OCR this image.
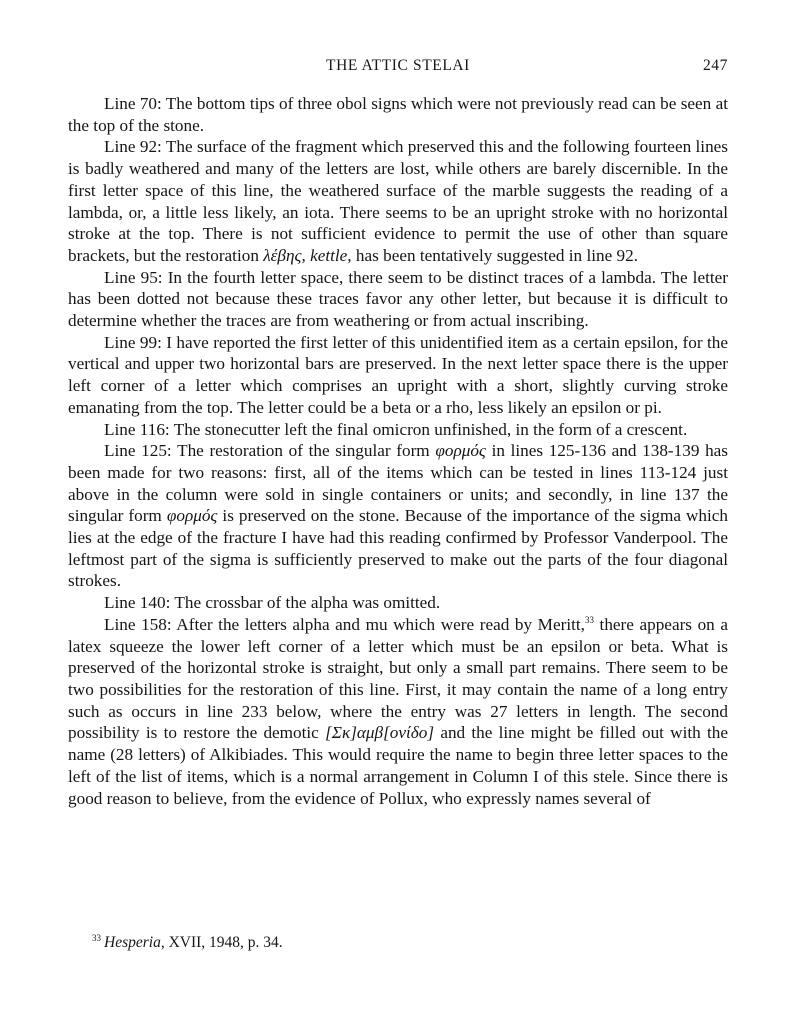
THE ATTIC STELAI	247

Line 70: The bottom tips of three obol signs which were not previously read can be seen at the top of the stone.

Line 92: The surface of the fragment which preserved this and the following fourteen lines is badly weathered and many of the letters are lost, while others are barely discernible. In the first letter space of this line, the weathered surface of the marble suggests the reading of a lambda, or, a little less likely, an iota. There seems to be an upright stroke with no horizontal stroke at the top. There is not sufficient evidence to permit the use of other than square brackets, but the restoration λέβης, kettle, has been tentatively suggested in line 92.

Line 95: In the fourth letter space, there seem to be distinct traces of a lambda. The letter has been dotted not because these traces favor any other letter, but because it is difficult to determine whether the traces are from weathering or from actual inscribing.

Line 99: I have reported the first letter of this unidentified item as a certain epsilon, for the vertical and upper two horizontal bars are preserved. In the next letter space there is the upper left corner of a letter which comprises an upright with a short, slightly curving stroke emanating from the top. The letter could be a beta or a rho, less likely an epsilon or pi.

Line 116: The stonecutter left the final omicron unfinished, in the form of a crescent.

Line 125: The restoration of the singular form φορμός in lines 125-136 and 138-139 has been made for two reasons: first, all of the items which can be tested in lines 113-124 just above in the column were sold in single containers or units; and secondly, in line 137 the singular form φορμός is preserved on the stone. Because of the importance of the sigma which lies at the edge of the fracture I have had this reading confirmed by Professor Vanderpool. The leftmost part of the sigma is sufficiently preserved to make out the parts of the four diagonal strokes.

Line 140: The crossbar of the alpha was omitted.

Line 158: After the letters alpha and mu which were read by Meritt,$^{33}$ there appears on a latex squeeze the lower left corner of a letter which must be an epsilon or beta. What is preserved of the horizontal stroke is straight, but only a small part remains. There seem to be two possibilities for the restoration of this line. First, it may contain the name of a long entry such as occurs in line 233 below, where the entry was 27 letters in length. The second possibility is to restore the demotic [Σκ]αμβ[ονίδο] and the line might be filled out with the name (28 letters) of Alkibiades. This would require the name to begin three letter spaces to the left of the list of items, which is a normal arrangement in Column I of this stele. Since there is good reason to believe, from the evidence of Pollux, who expressly names several of

$^{33}$ Hesperia, XVII, 1948, p. 34.
